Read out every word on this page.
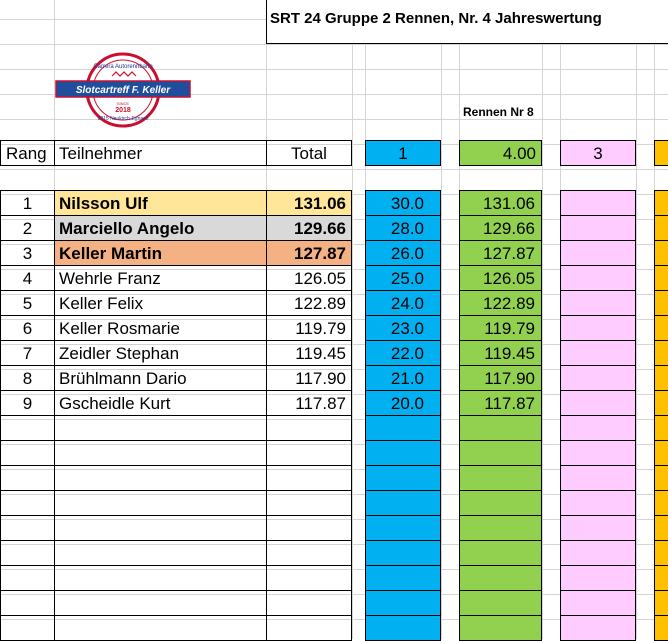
SRT 24 Gruppe 2 Rennen, Nr. 4 Jahreswertung
Carrera Autorennbahn
Slotcartreff F. Keller
SINCE
2018
8215 Neukirch-Egnach	Rennen Nr 8
Rang Teilnehmer	Total	1	4.00	3
1	Nilsson Ulf	131.06	30.0	131.06
2	Marciello Angelo	129.66	28.0	129.66
3	Keller Martin	127.87	26.0	127.87
4	Wehrle Franz	126.05	25.0	126.05
5	Keller Felix	122.89	24.0	122.89
6	Keller Rosmarie	119.79	23.0	119.79
7	Zeidler Stephan	119.45	22.0	119.45
8	Brühlmann Dario	117.90	21.0	117.90
9	Gscheidle Kurt	117.87	20.0	117.87
